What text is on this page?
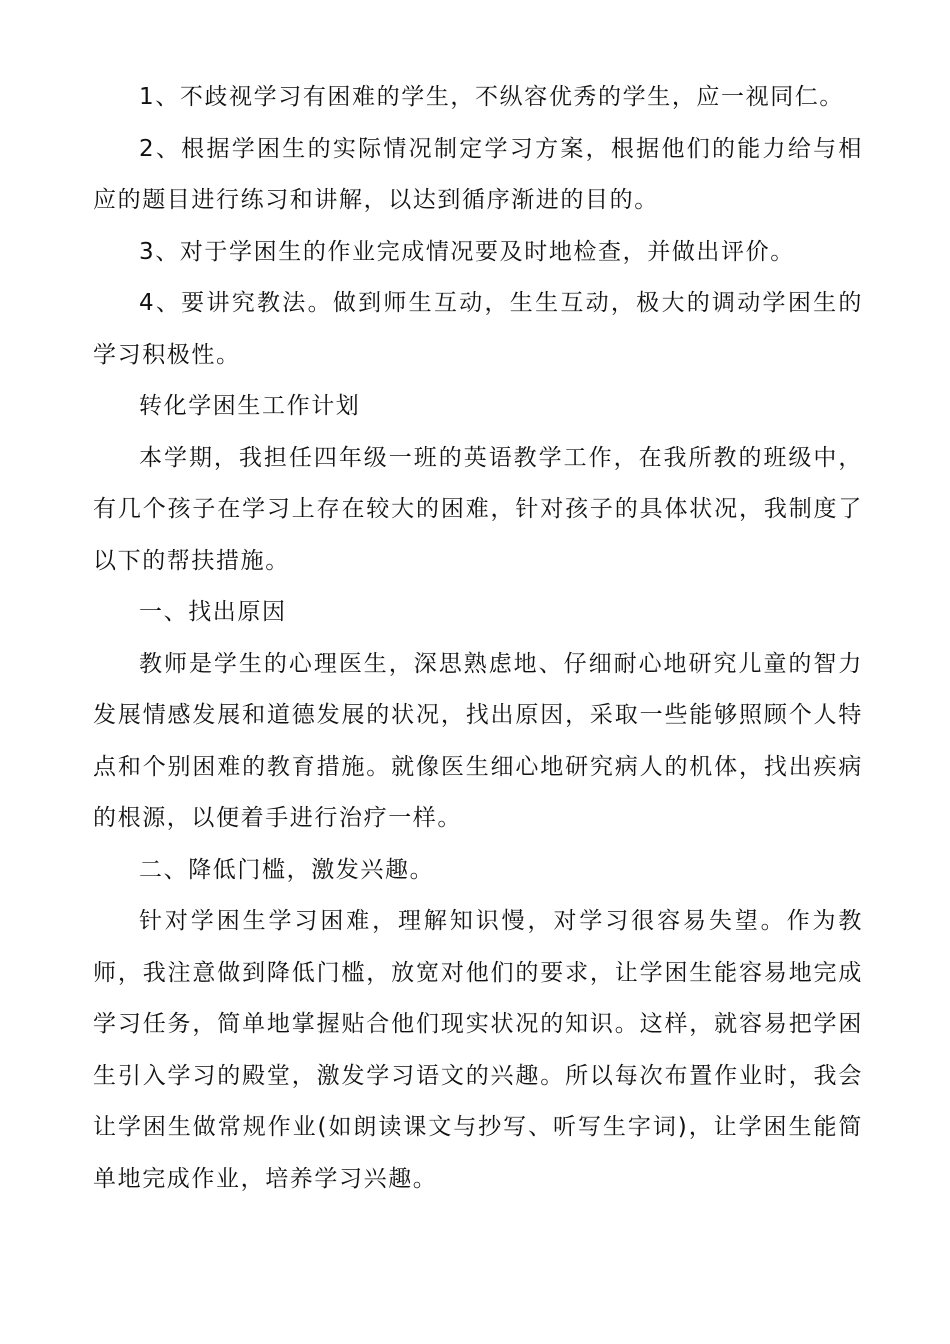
1、不歧视学习有困难的学生，不纵容优秀的学生，应一视同仁。

2、根据学困生的实际情况制定学习方案，根据他们的能力给与相应的题目进行练习和讲解，以达到循序渐进的目的。

3、对于学困生的作业完成情况要及时地检查，并做出评价。

4、要讲究教法。做到师生互动，生生互动，极大的调动学困生的学习积极性。

转化学困生工作计划

本学期，我担任四年级一班的英语教学工作，在我所教的班级中，有几个孩子在学习上存在较大的困难，针对孩子的具体状况，我制度了以下的帮扶措施。

一、找出原因

教师是学生的心理医生，深思熟虑地、仔细耐心地研究儿童的智力发展情感发展和道德发展的状况，找出原因，采取一些能够照顾个人特点和个别困难的教育措施。就像医生细心地研究病人的机体，找出疾病的根源，以便着手进行治疗一样。

二、降低门槛，激发兴趣。

针对学困生学习困难，理解知识慢，对学习很容易失望。作为教师，我注意做到降低门槛，放宽对他们的要求，让学困生能容易地完成学习任务，简单地掌握贴合他们现实状况的知识。这样，就容易把学困生引入学习的殿堂，激发学习语文的兴趣。所以每次布置作业时，我会让学困生做常规作业(如朗读课文与抄写、听写生字词)，让学困生能简单地完成作业，培养学习兴趣。
